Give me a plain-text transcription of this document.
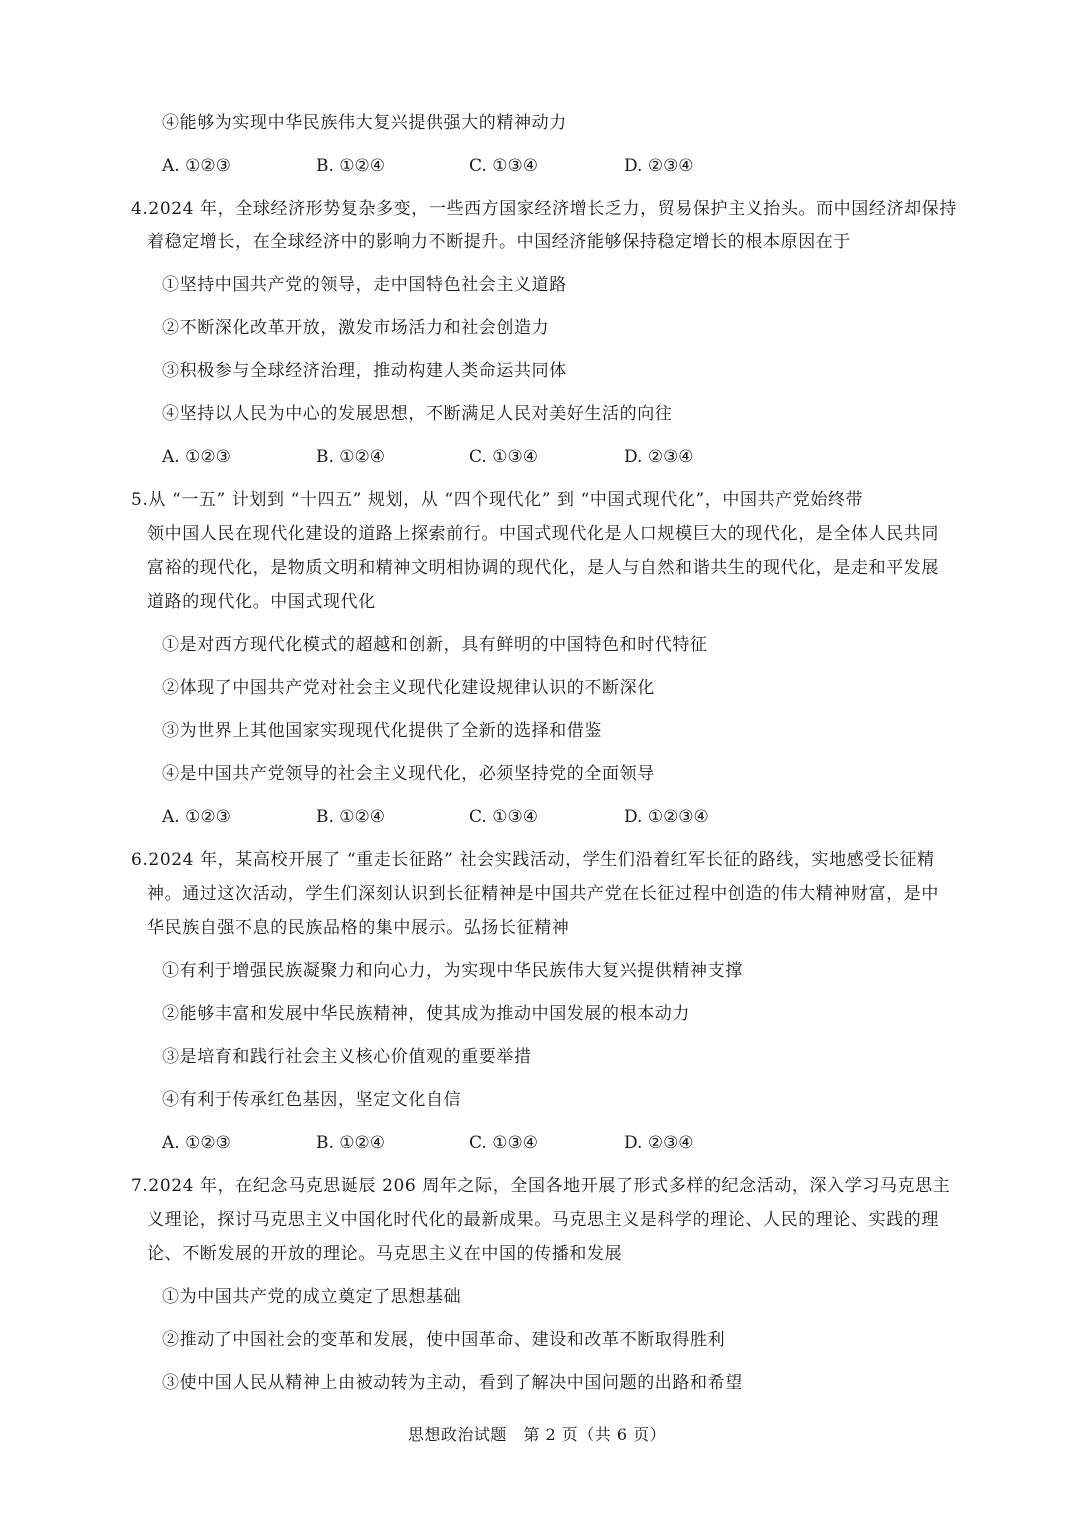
④能够为实现中华民族伟大复兴提供强大的精神动力
A. ①②③	B. ①②④	C. ①③④	D. ②③④
4.2024 年，全球经济形势复杂多变，一些西方国家经济增长乏力，贸易保护主义抬头。而中国经济却保持
着稳定增长，在全球经济中的影响力不断提升。中国经济能够保持稳定增长的根本原因在于
①坚持中国共产党的领导，走中国特色社会主义道路
②不断深化改革开放，激发市场活力和社会创造力
③积极参与全球经济治理，推动构建人类命运共同体
④坚持以人民为中心的发展思想，不断满足人民对美好生活的向往
A. ①②③	B. ①②④	C. ①③④	D. ②③④
5.从 “一五” 计划到 “十四五” 规划，从 “四个现代化” 到 “中国式现代化”，中国共产党始终带
领中国人民在现代化建设的道路上探索前行。中国式现代化是人口规模巨大的现代化，是全体人民共同
富裕的现代化，是物质文明和精神文明相协调的现代化，是人与自然和谐共生的现代化，是走和平发展
道路的现代化。中国式现代化
①是对西方现代化模式的超越和创新，具有鲜明的中国特色和时代特征
②体现了中国共产党对社会主义现代化建设规律认识的不断深化
③为世界上其他国家实现现代化提供了全新的选择和借鉴
④是中国共产党领导的社会主义现代化，必须坚持党的全面领导
A. ①②③	B. ①②④	C. ①③④	D. ①②③④
6.2024 年，某高校开展了 “重走长征路” 社会实践活动，学生们沿着红军长征的路线，实地感受长征精
神。通过这次活动，学生们深刻认识到长征精神是中国共产党在长征过程中创造的伟大精神财富，是中
华民族自强不息的民族品格的集中展示。弘扬长征精神
①有利于增强民族凝聚力和向心力，为实现中华民族伟大复兴提供精神支撑
②能够丰富和发展中华民族精神，使其成为推动中国发展的根本动力
③是培育和践行社会主义核心价值观的重要举措
④有利于传承红色基因，坚定文化自信
A. ①②③	B. ①②④	C. ①③④	D. ②③④
7.2024 年，在纪念马克思诞辰 206 周年之际，全国各地开展了形式多样的纪念活动，深入学习马克思主
义理论，探讨马克思主义中国化时代化的最新成果。马克思主义是科学的理论、人民的理论、实践的理
论、不断发展的开放的理论。马克思主义在中国的传播和发展
①为中国共产党的成立奠定了思想基础
②推动了中国社会的变革和发展，使中国革命、建设和改革不断取得胜利
③使中国人民从精神上由被动转为主动，看到了解决中国问题的出路和希望
思想政治试题　第 2 页（共 6 页）
